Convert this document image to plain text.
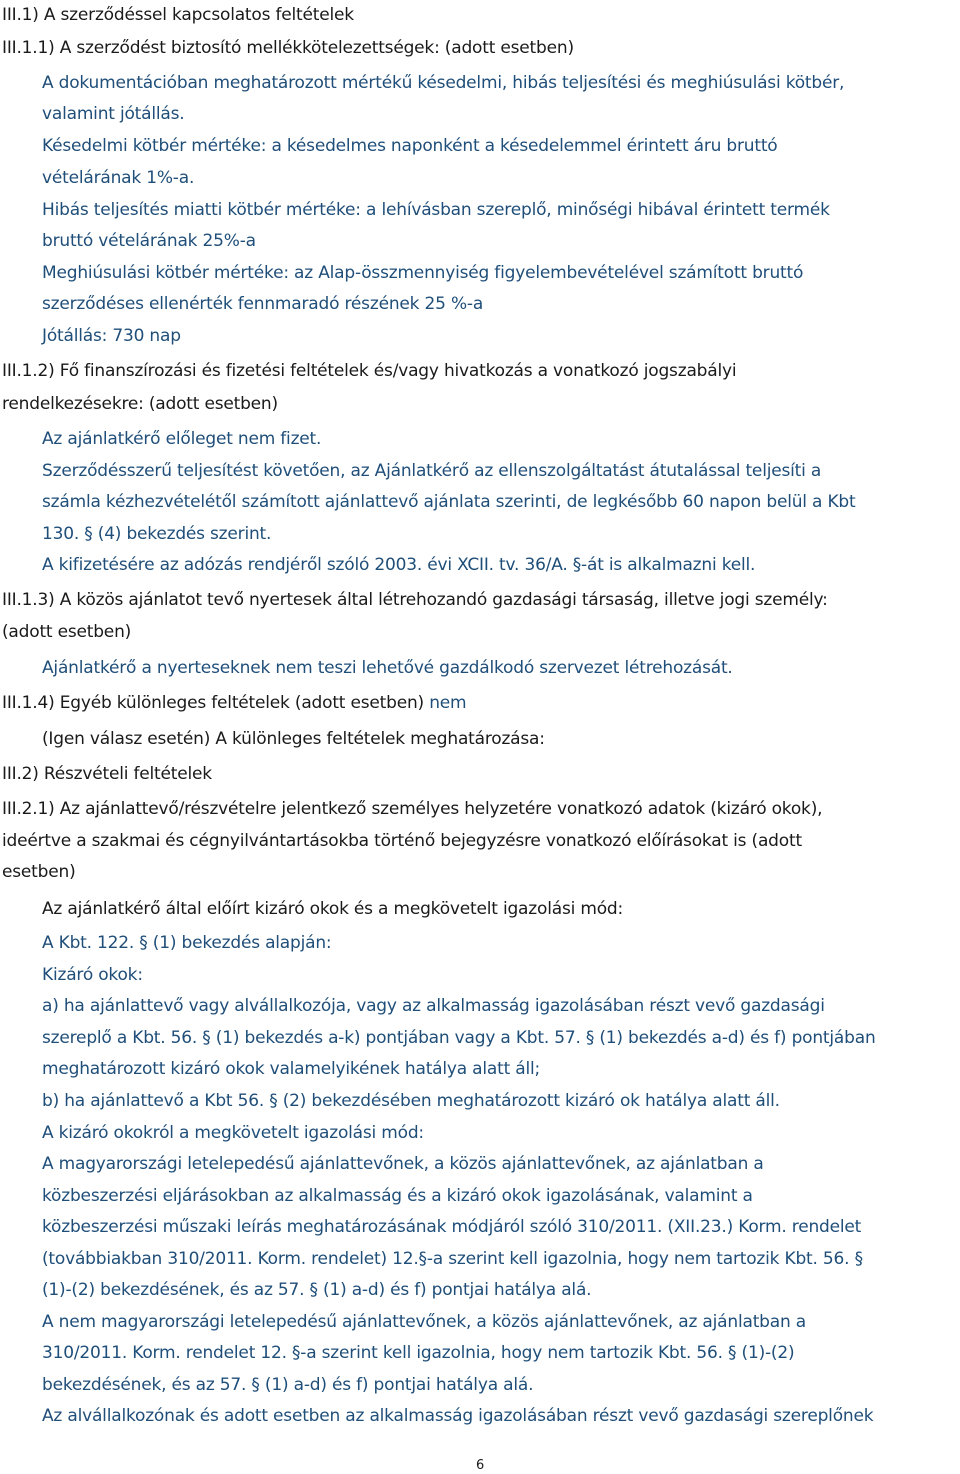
III.1) A szerződéssel kapcsolatos feltételek
III.1.1) A szerződést biztosító mellékkötelezettségek: (adott esetben)
A dokumentációban meghatározott mértékű késedelmi, hibás teljesítési és meghiúsulási kötbér,
valamint jótállás.
Késedelmi kötbér mértéke: a késedelmes naponként a késedelemmel érintett áru bruttó
vételárának 1%-a.
Hibás teljesítés miatti kötbér mértéke: a lehívásban szereplő, minőségi hibával érintett termék
bruttó vételárának 25%-a
Meghiúsulási kötbér mértéke: az Alap-összmennyiség figyelembevételével számított bruttó
szerződéses ellenérték fennmaradó részének 25 %-a
Jótállás: 730 nap
III.1.2) Fő finanszírozási és fizetési feltételek és/vagy hivatkozás a vonatkozó jogszabályi
rendelkezésekre: (adott esetben)
Az ajánlatkérő előleget nem fizet.
Szerződésszerű teljesítést követően, az Ajánlatkérő az ellenszolgáltatást átutalással teljesíti a
számla kézhezvételétől számított ajánlattevő ajánlata szerinti, de legkésőbb 60 napon belül a Kbt
130. § (4) bekezdés szerint.
A kifizetésére az adózás rendjéről szóló 2003. évi XCII. tv. 36/A. §-át is alkalmazni kell.
III.1.3) A közös ajánlatot tevő nyertesek által létrehozandó gazdasági társaság, illetve jogi személy:
(adott esetben)
Ajánlatkérő a nyerteseknek nem teszi lehetővé gazdálkodó szervezet létrehozását.
III.1.4) Egyéb különleges feltételek (adott esetben) nem
(Igen válasz esetén) A különleges feltételek meghatározása:
III.2) Részvételi feltételek
III.2.1) Az ajánlattevő/részvételre jelentkező személyes helyzetére vonatkozó adatok (kizáró okok),
ideértve a szakmai és cégnyilvántartásokba történő bejegyzésre vonatkozó előírásokat is (adott
esetben)
Az ajánlatkérő által előírt kizáró okok és a megkövetelt igazolási mód:
A Kbt. 122. § (1) bekezdés alapján:
Kizáró okok:
a) ha ajánlattevő vagy alvállalkozója, vagy az alkalmasság igazolásában részt vevő gazdasági
szereplő a Kbt. 56. § (1) bekezdés a-k) pontjában vagy a Kbt. 57. § (1) bekezdés a-d) és f) pontjában
meghatározott kizáró okok valamelyikének hatálya alatt áll;
b) ha ajánlattevő a Kbt 56. § (2) bekezdésében meghatározott kizáró ok hatálya alatt áll.
A kizáró okokról a megkövetelt igazolási mód:
A magyarországi letelepedésű ajánlattevőnek, a közös ajánlattevőnek, az ajánlatban a
közbeszerzési eljárásokban az alkalmasság és a kizáró okok igazolásának, valamint a
közbeszerzési műszaki leírás meghatározásának módjáról szóló 310/2011. (XII.23.) Korm. rendelet
(továbbiakban 310/2011. Korm. rendelet) 12.§-a szerint kell igazolnia, hogy nem tartozik Kbt. 56. §
(1)-(2) bekezdésének, és az 57. § (1) a-d) és f) pontjai hatálya alá.
A nem magyarországi letelepedésű ajánlattevőnek, a közös ajánlattevőnek, az ajánlatban a
310/2011. Korm. rendelet 12. §-a szerint kell igazolnia, hogy nem tartozik Kbt. 56. § (1)-(2)
bekezdésének, és az 57. § (1) a-d) és f) pontjai hatálya alá.
Az alvállalkozónak és adott esetben az alkalmasság igazolásában részt vevő gazdasági szereplőnek
6
